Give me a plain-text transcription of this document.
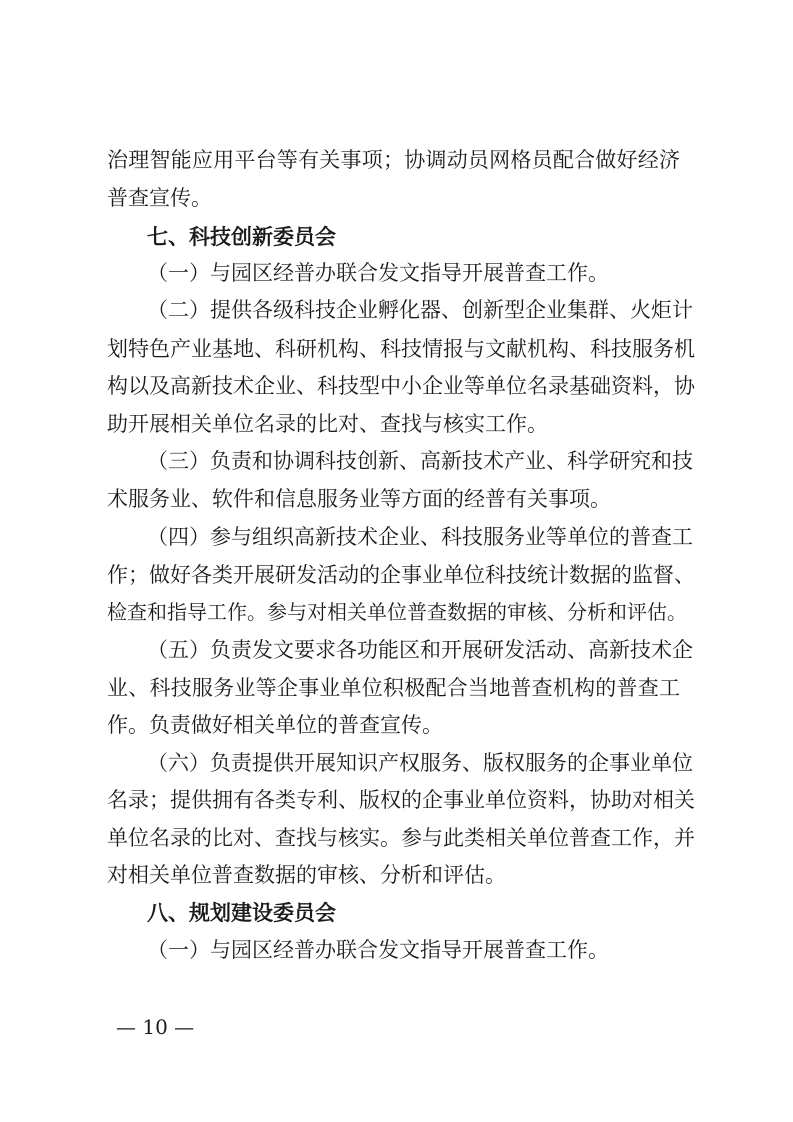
治理智能应用平台等有关事项；协调动员网格员配合做好经济
普查宣传。
七、科技创新委员会
（一）与园区经普办联合发文指导开展普查工作。
（二）提供各级科技企业孵化器、创新型企业集群、火炬计
划特色产业基地、科研机构、科技情报与文献机构、科技服务机
构以及高新技术企业、科技型中小企业等单位名录基础资料，协
助开展相关单位名录的比对、查找与核实工作。
（三）负责和协调科技创新、高新技术产业、科学研究和技
术服务业、软件和信息服务业等方面的经普有关事项。
（四）参与组织高新技术企业、科技服务业等单位的普查工
作；做好各类开展研发活动的企事业单位科技统计数据的监督、
检查和指导工作。参与对相关单位普查数据的审核、分析和评估。
（五）负责发文要求各功能区和开展研发活动、高新技术企
业、科技服务业等企事业单位积极配合当地普查机构的普查工
作。负责做好相关单位的普查宣传。
（六）负责提供开展知识产权服务、版权服务的企事业单位
名录；提供拥有各类专利、版权的企事业单位资料，协助对相关
单位名录的比对、查找与核实。参与此类相关单位普查工作，并
对相关单位普查数据的审核、分析和评估。
八、规划建设委员会
（一）与园区经普办联合发文指导开展普查工作。
— 10 —
